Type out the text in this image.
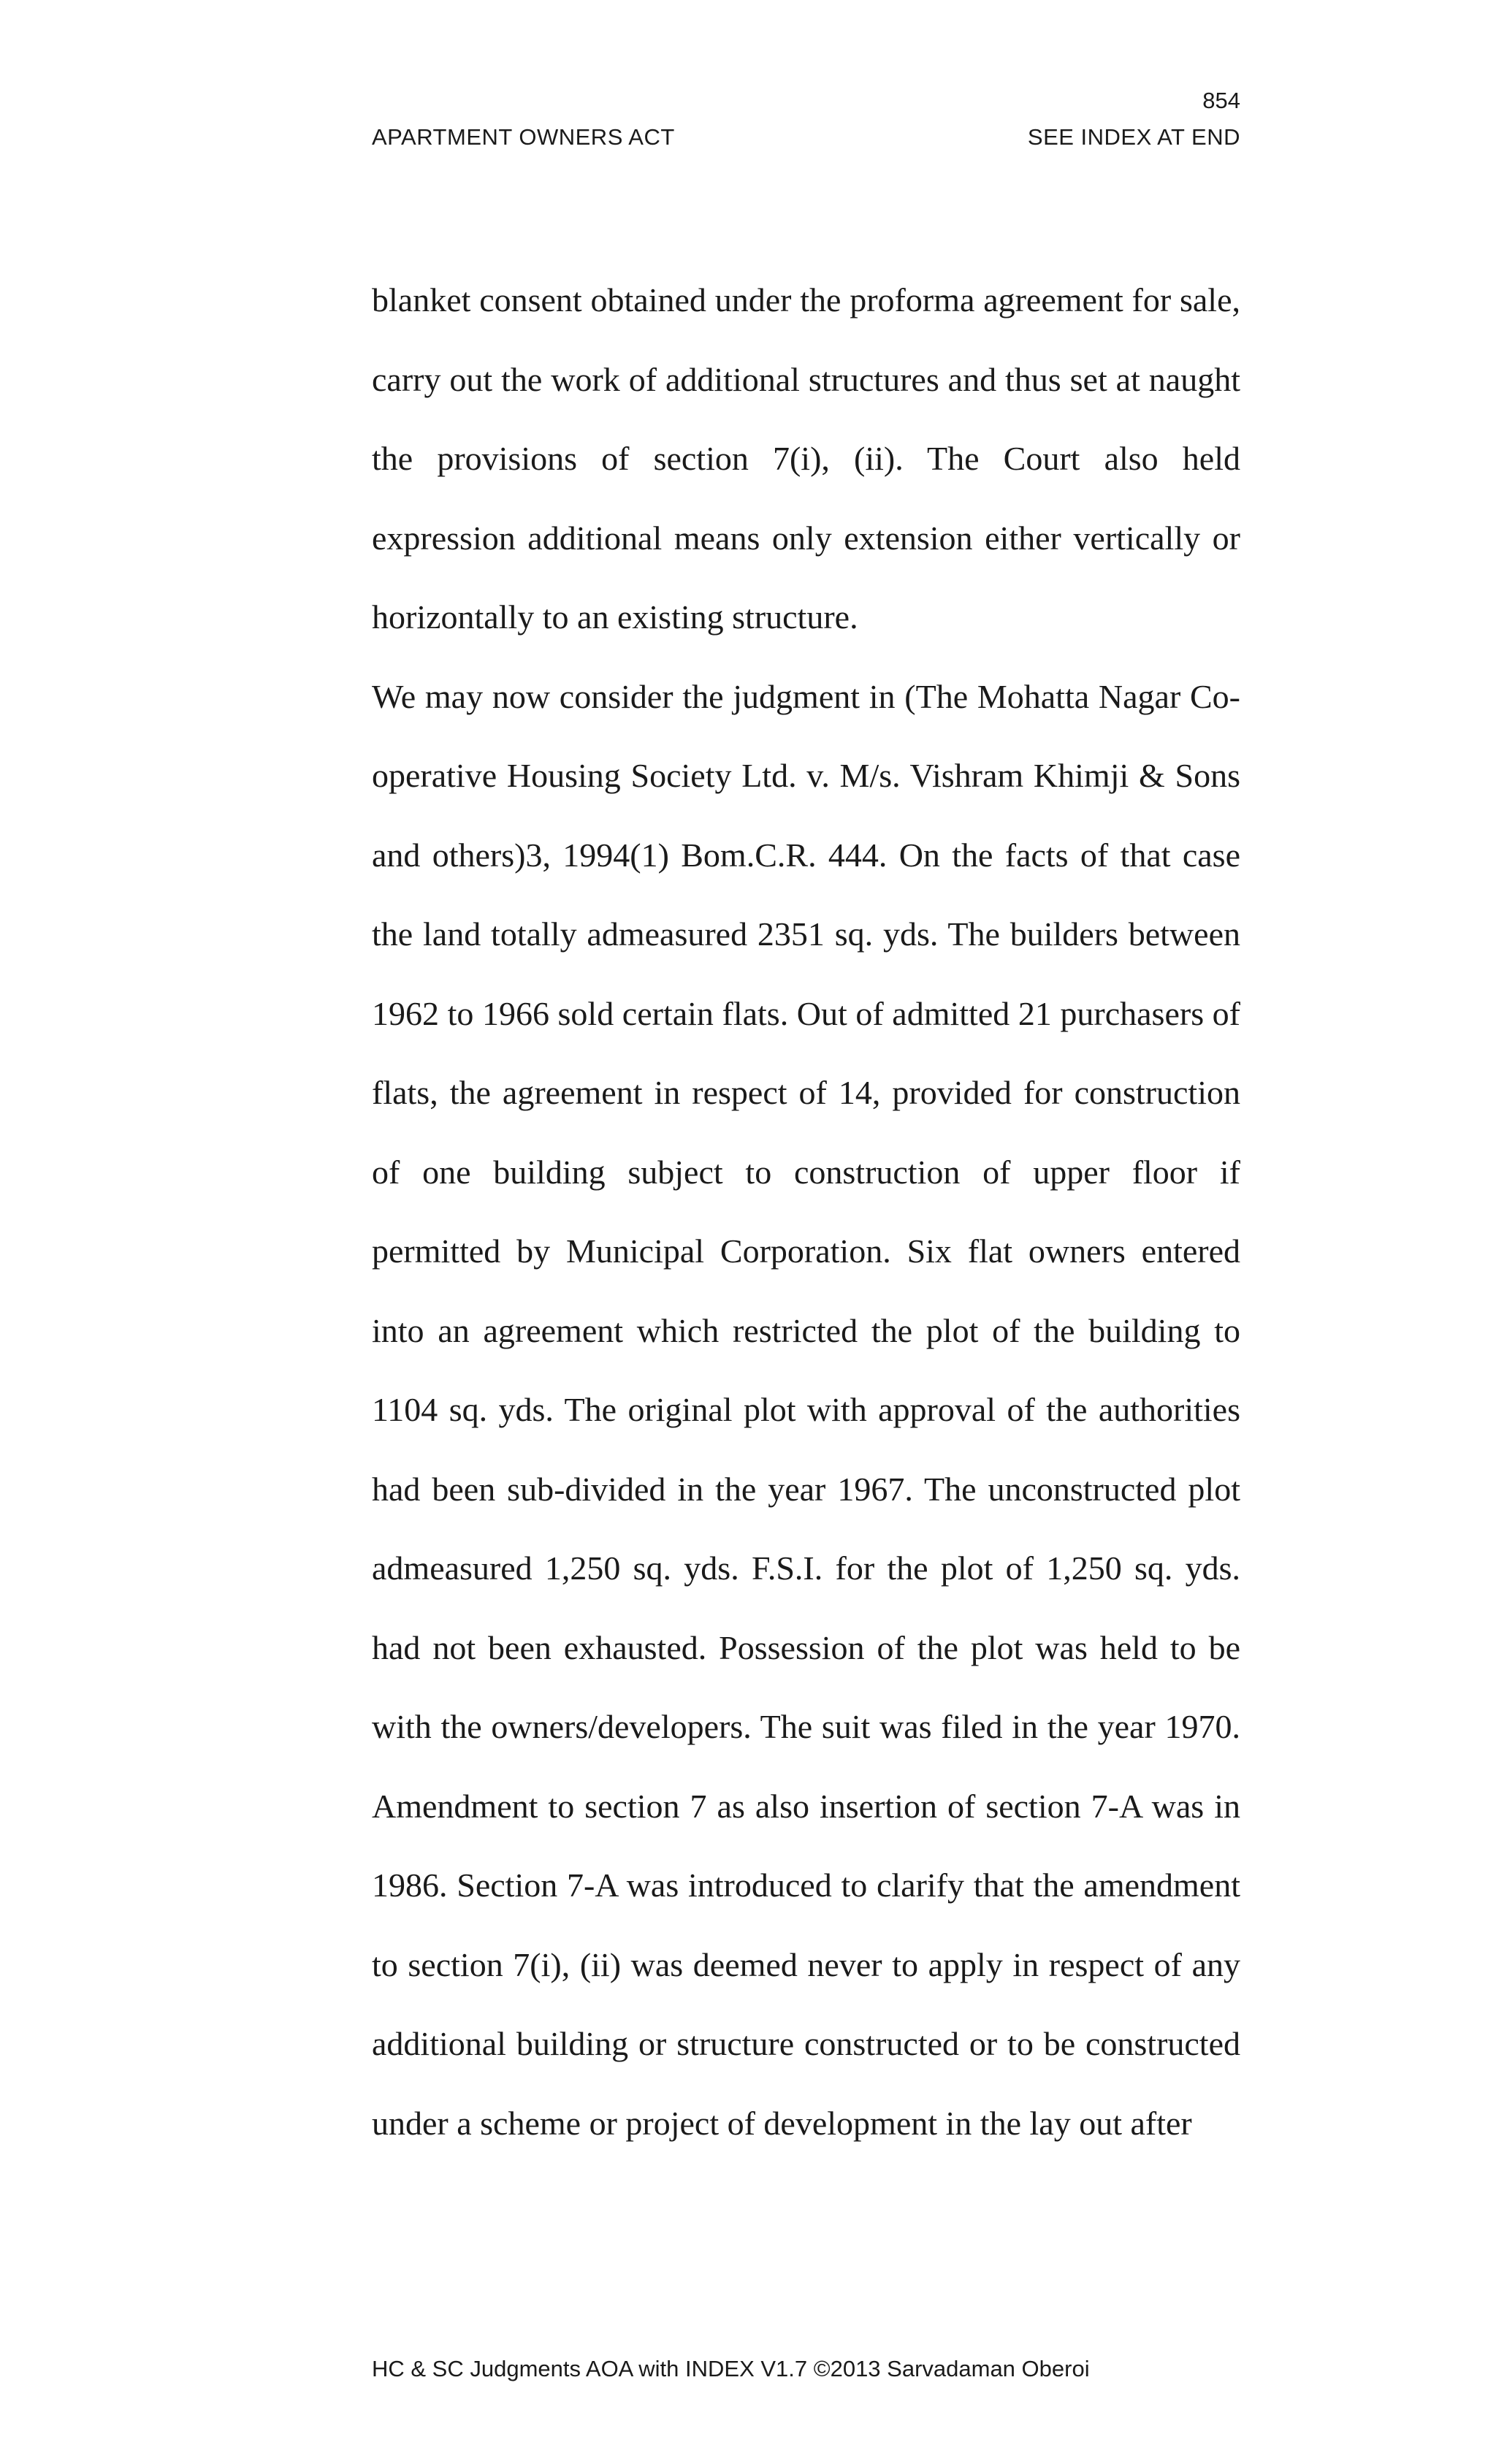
854
APARTMENT OWNERS ACT	SEE INDEX AT END

blanket consent obtained under the proforma agreement for sale, carry out the work of additional structures and thus set at naught the provisions of section 7(i), (ii). The Court also held expression additional means only extension either vertically or horizontally to an existing structure.

We may now consider the judgment in (The Mohatta Nagar Co-operative Housing Society Ltd. v. M/s. Vishram Khimji & Sons and others)3, 1994(1) Bom.C.R. 444. On the facts of that case the land totally admeasured 2351 sq. yds. The builders between 1962 to 1966 sold certain flats. Out of admitted 21 purchasers of flats, the agreement in respect of 14, provided for construction of one building subject to construction of upper floor if permitted by Municipal Corporation. Six flat owners entered into an agreement which restricted the plot of the building to 1104 sq. yds. The original plot with approval of the authorities had been sub-divided in the year 1967. The unconstructed plot admeasured 1,250 sq. yds. F.S.I. for the plot of 1,250 sq. yds. had not been exhausted. Possession of the plot was held to be with the owners/developers. The suit was filed in the year 1970. Amendment to section 7 as also insertion of section 7-A was in 1986. Section 7-A was introduced to clarify that the amendment to section 7(i), (ii) was deemed never to apply in respect of any additional building or structure constructed or to be constructed under a scheme or project of development in the lay out after

HC & SC Judgments AOA with INDEX V1.7 ©2013 Sarvadaman Oberoi
